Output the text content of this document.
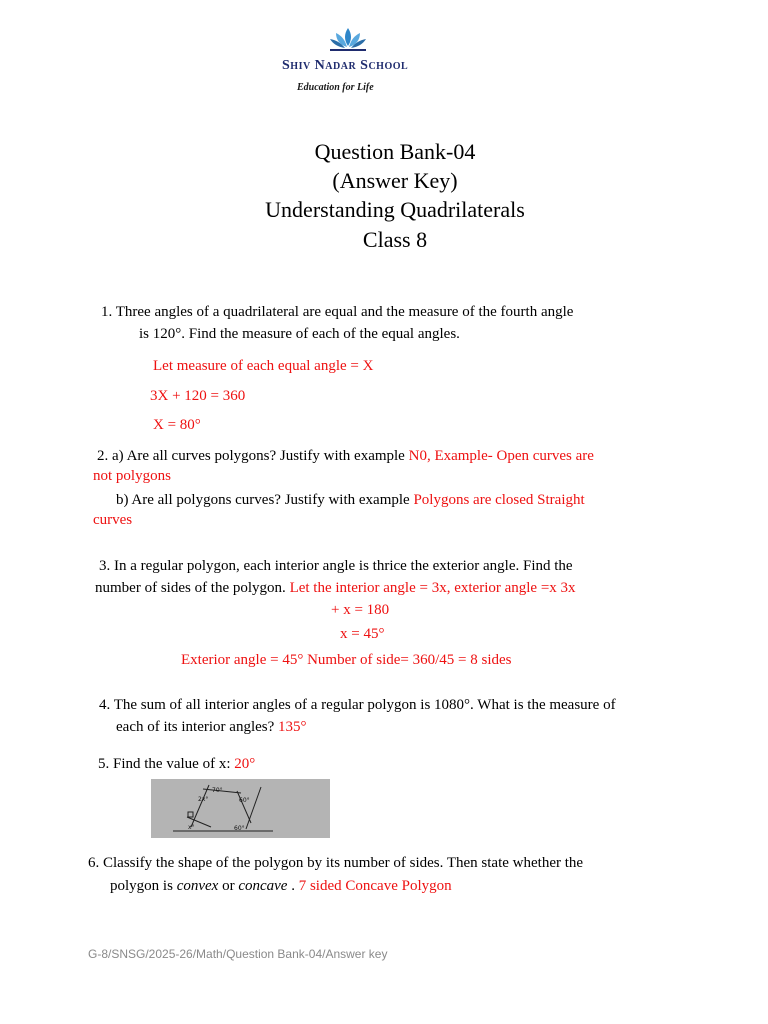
Shiv Nadar School
Education for Life
Question Bank-04
(Answer Key)
Understanding Quadrilaterals
Class 8
1. Three angles of a quadrilateral are equal and the measure of the fourth angle
is 120°. Find the measure of each of the equal angles.
Let measure of each equal angle = X
3X + 120 = 360
X = 80°
2. a) Are all curves polygons? Justify with example N0, Example- Open curves are
not polygons
b) Are all polygons curves? Justify with example Polygons are closed Straight
curves
3. In a regular polygon, each interior angle is thrice the exterior angle. Find the
number of sides of the polygon. Let the interior angle = 3x, exterior angle =x 3x
+ x = 180
x = 45°
Exterior angle = 45° Number of side= 360/45 = 8 sides
4. The sum of all interior angles of a regular polygon is 1080°. What is the measure of
each of its interior angles? 135°
5. Find the value of x: 20°
70°
2x°	60°
x°	60°
6. Classify the shape of the polygon by its number of sides. Then state whether the
polygon is convex or concave . 7 sided Concave Polygon
G-8/SNSG/2025-26/Math/Question Bank-04/Answer key
